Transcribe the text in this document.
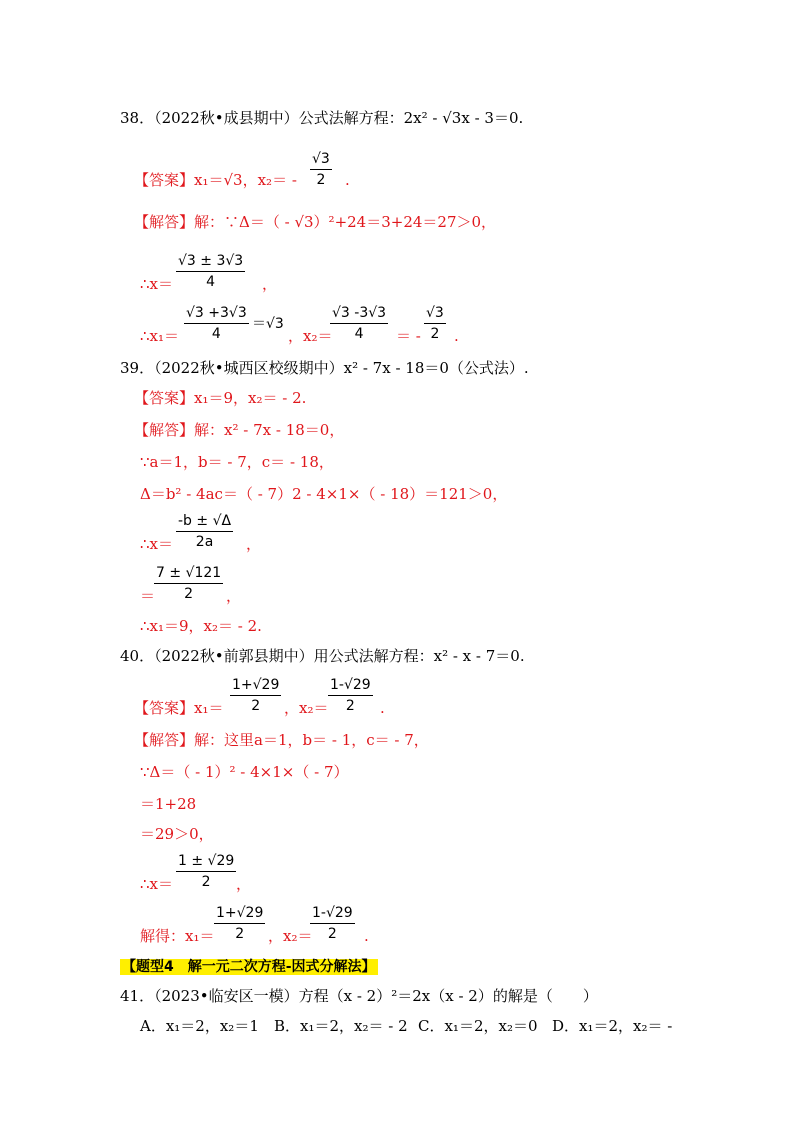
38．（2022秋•成县期中）公式法解方程：2x² - √3x - 3＝0.
【答案】x₁＝√3，$x_2= - \frac{√3}{2}$ .
【解答】解：∵Δ＝（ - √3）²+24＝3+24＝27＞0，
∴x＝ $\frac{√3 \pm 3√3}{4}$ ，
∴x₁＝ $\frac{√3 +3√3}{4} =√3$
，x₂＝
$\frac{√3 -3√3}{4}$ ＝ - $\frac{√3}{2}$ .
39．（2022秋•城西区校级期中）x² - 7x - 18＝0（公式法）.
【答案】x₁＝9，x₂＝ - 2.
【解答】解：x² - 7x - 18＝0，
∵a＝1，b＝ - 7，c＝ - 18，
Δ＝b² - 4ac＝（ - 7）2 - 4×1×（ - 18）＝121＞0，
∴x＝ $\frac{-b \pm √\Delta}{2a}$ ，
＝
$\frac{7 \pm √121}{2}$ ，
∴x₁＝9，x₂＝ - 2.
40．（2022秋•前郭县期中）用公式法解方程：x² - x - 7＝0.
【答案】$x_1= \frac{1+√29}{2}$ ，$x_2= \frac{1-√29}{2}$ .
【解答】解：这里a＝1，b＝ - 1，c＝ - 7，
∵Δ＝（ - 1）² - 4×1×（ - 7）
＝1+28
＝29＞0，
∴x＝ $\frac{1 \pm √29}{2}$ ，
解得：$x_1= \frac{1+√29}{2}$ ，x₂＝
$\frac{1-√29}{2}$ .
【题型4　解一元二次方程-因式分解法】
41．（2023•临安区一模）方程（x - 2）²＝2x（x - 2）的解是（　　）
A．x₁＝2，x₂＝1 B．x₁＝2，x₂＝ - 2 C．x₁＝2，x₂＝0 D．x₁＝2，x₂＝ -
